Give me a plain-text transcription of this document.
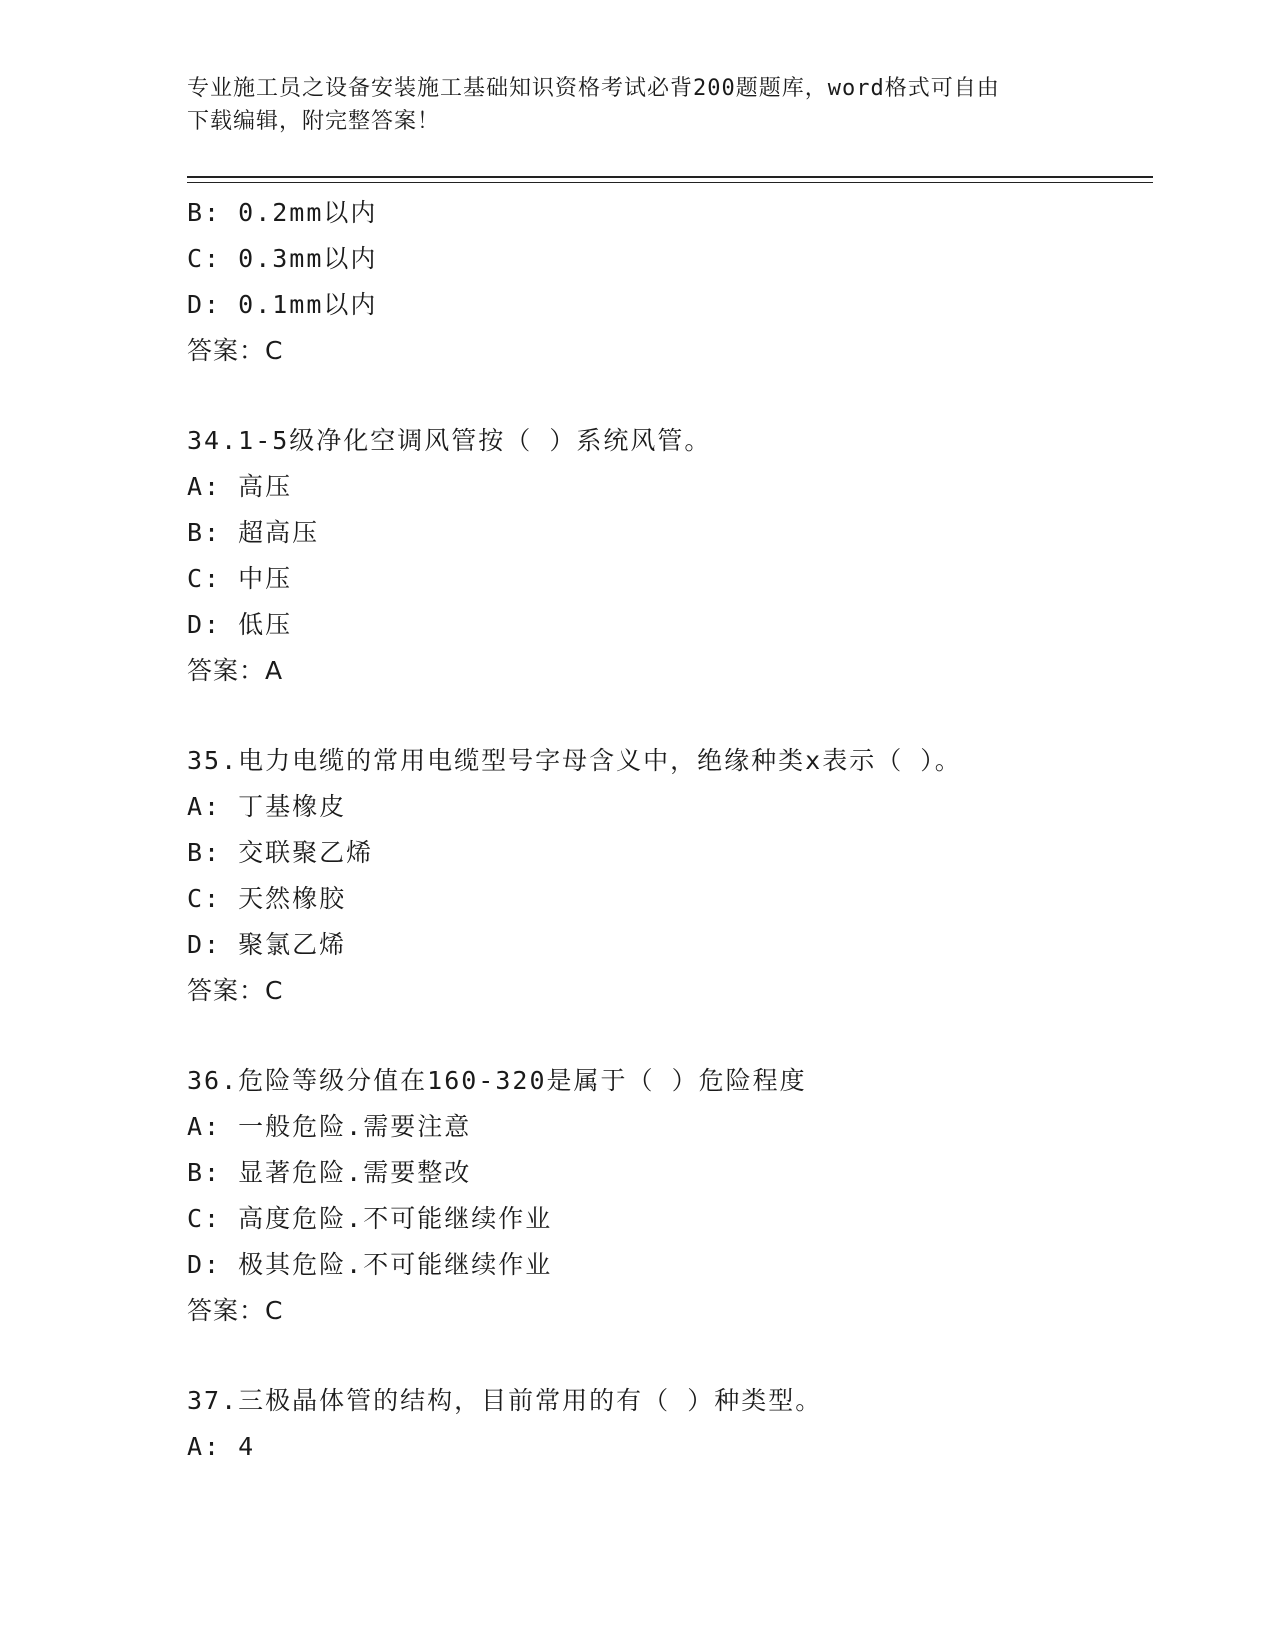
专业施工员之设备安装施工基础知识资格考试必背200题题库，word格式可自由
下载编辑，附完整答案！
B: 0.2mm以内
C: 0.3mm以内
D: 0.1mm以内
答案：C
34.1-5级净化空调风管按（ ）系统风管。
A: 高压
B: 超高压
C: 中压
D: 低压
答案：A
35.电力电缆的常用电缆型号字母含义中，绝缘种类x表示（ ）。
A: 丁基橡皮
B: 交联聚乙烯
C: 天然橡胶
D: 聚氯乙烯
答案：C
36.危险等级分值在160-320是属于（ ）危险程度
A: 一般危险.需要注意
B: 显著危险.需要整改
C: 高度危险.不可能继续作业
D: 极其危险.不可能继续作业
答案：C
37.三极晶体管的结构，目前常用的有（ ）种类型。
A: 4
